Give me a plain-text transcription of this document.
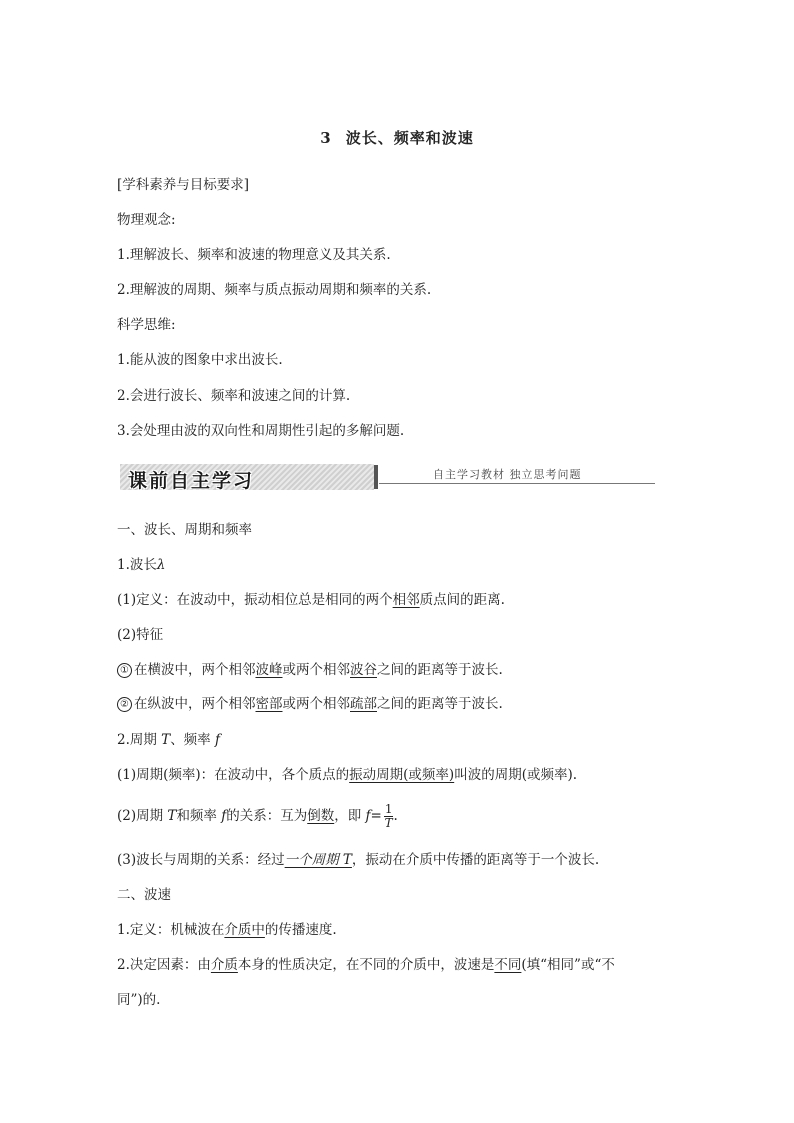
3 波长、频率和波速
[学科素养与目标要求]
物理观念:
1.理解波长、频率和波速的物理意义及其关系.
2.理解波的周期、频率与质点振动周期和频率的关系.
科学思维:
1.能从波的图象中求出波长.
2.会进行波长、频率和波速之间的计算.
3.会处理由波的双向性和周期性引起的多解问题.
课前自主学习	自主学习教材 独立思考问题
一、波长、周期和频率
1.波长λ
(1)定义：在波动中，振动相位总是相同的两个相邻质点间的距离.
(2)特征
① 在横波中，两个相邻波峰或两个相邻波谷之间的距离等于波长.
② 在纵波中，两个相邻密部或两个相邻疏部之间的距离等于波长.
2.周期 T、频率 f
(1)周期(频率)：在波动中，各个质点的振动周期(或频率)叫波的周期(或频率).
(2)周期 T和频率 f的关系：互为倒数，即 $f= \frac{1}{T}$ .
(3)波长与周期的关系：经过一个周期 T，振动在介质中传播的距离等于一个波长.
二、波速
1.定义：机械波在介质中的传播速度.
2.决定因素：由介质本身的性质决定，在不同的介质中，波速是不同(填“相同”或“不
同”)的.
